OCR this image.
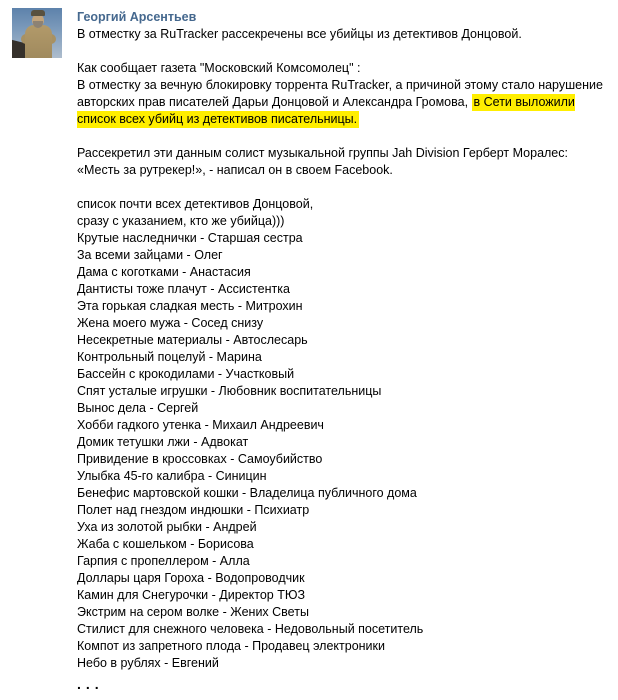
Георгий Арсентьев
В отместку за RuTracker рассекречены все убийцы из детективов Донцовой.
Как сообщает газета "Московский Комсомолец" :
В отместку за вечную блокировку торрента RuTracker, а причиной этому стало нарушение авторских прав писателей Дарьи Донцовой и Александра Громова, в Сети выложили список всех убийц из детективов писательницы.
Рассекретил эти данным солист музыкальной группы Jah Division Герберт Моралес: «Месть за рутрекер!», - написал он в своем Facebook.
список почти всех детективов Донцовой,
сразу с указанием, кто же убийца)))
Крутые наследнички - Старшая сестра
За всеми зайцами - Олег
Дама с коготками - Анастасия
Дантисты тоже плачут - Ассистентка
Эта горькая сладкая месть - Митрохин
Жена моего мужа - Сосед снизу
Несекретные материалы - Автослесарь
Контрольный поцелуй - Марина
Бассейн с крокодилами - Участковый
Спят усталые игрушки - Любовник воспитательницы
Вынос дела - Сергей
Хобби гадкого утенка - Михаил Андреевич
Домик тетушки лжи - Адвокат
Привидение в кроссовках - Самоубийство
Улыбка 45-го калибра - Синицин
Бенефис мартовской кошки - Владелица публичного дома
Полет над гнездом индюшки - Психиатр
Уха из золотой рыбки - Андрей
Жаба с кошельком - Борисова
Гарпия с пропеллером - Алла
Доллары царя Гороха - Водопроводчик
Камин для Снегурочки - Директор ТЮЗ
Экстрим на сером волке - Жених Светы
Стилист для снежного человека - Недовольный посетитель
Компот из запретного плода - Продавец электроники
Небо в рублях - Евгений
...
